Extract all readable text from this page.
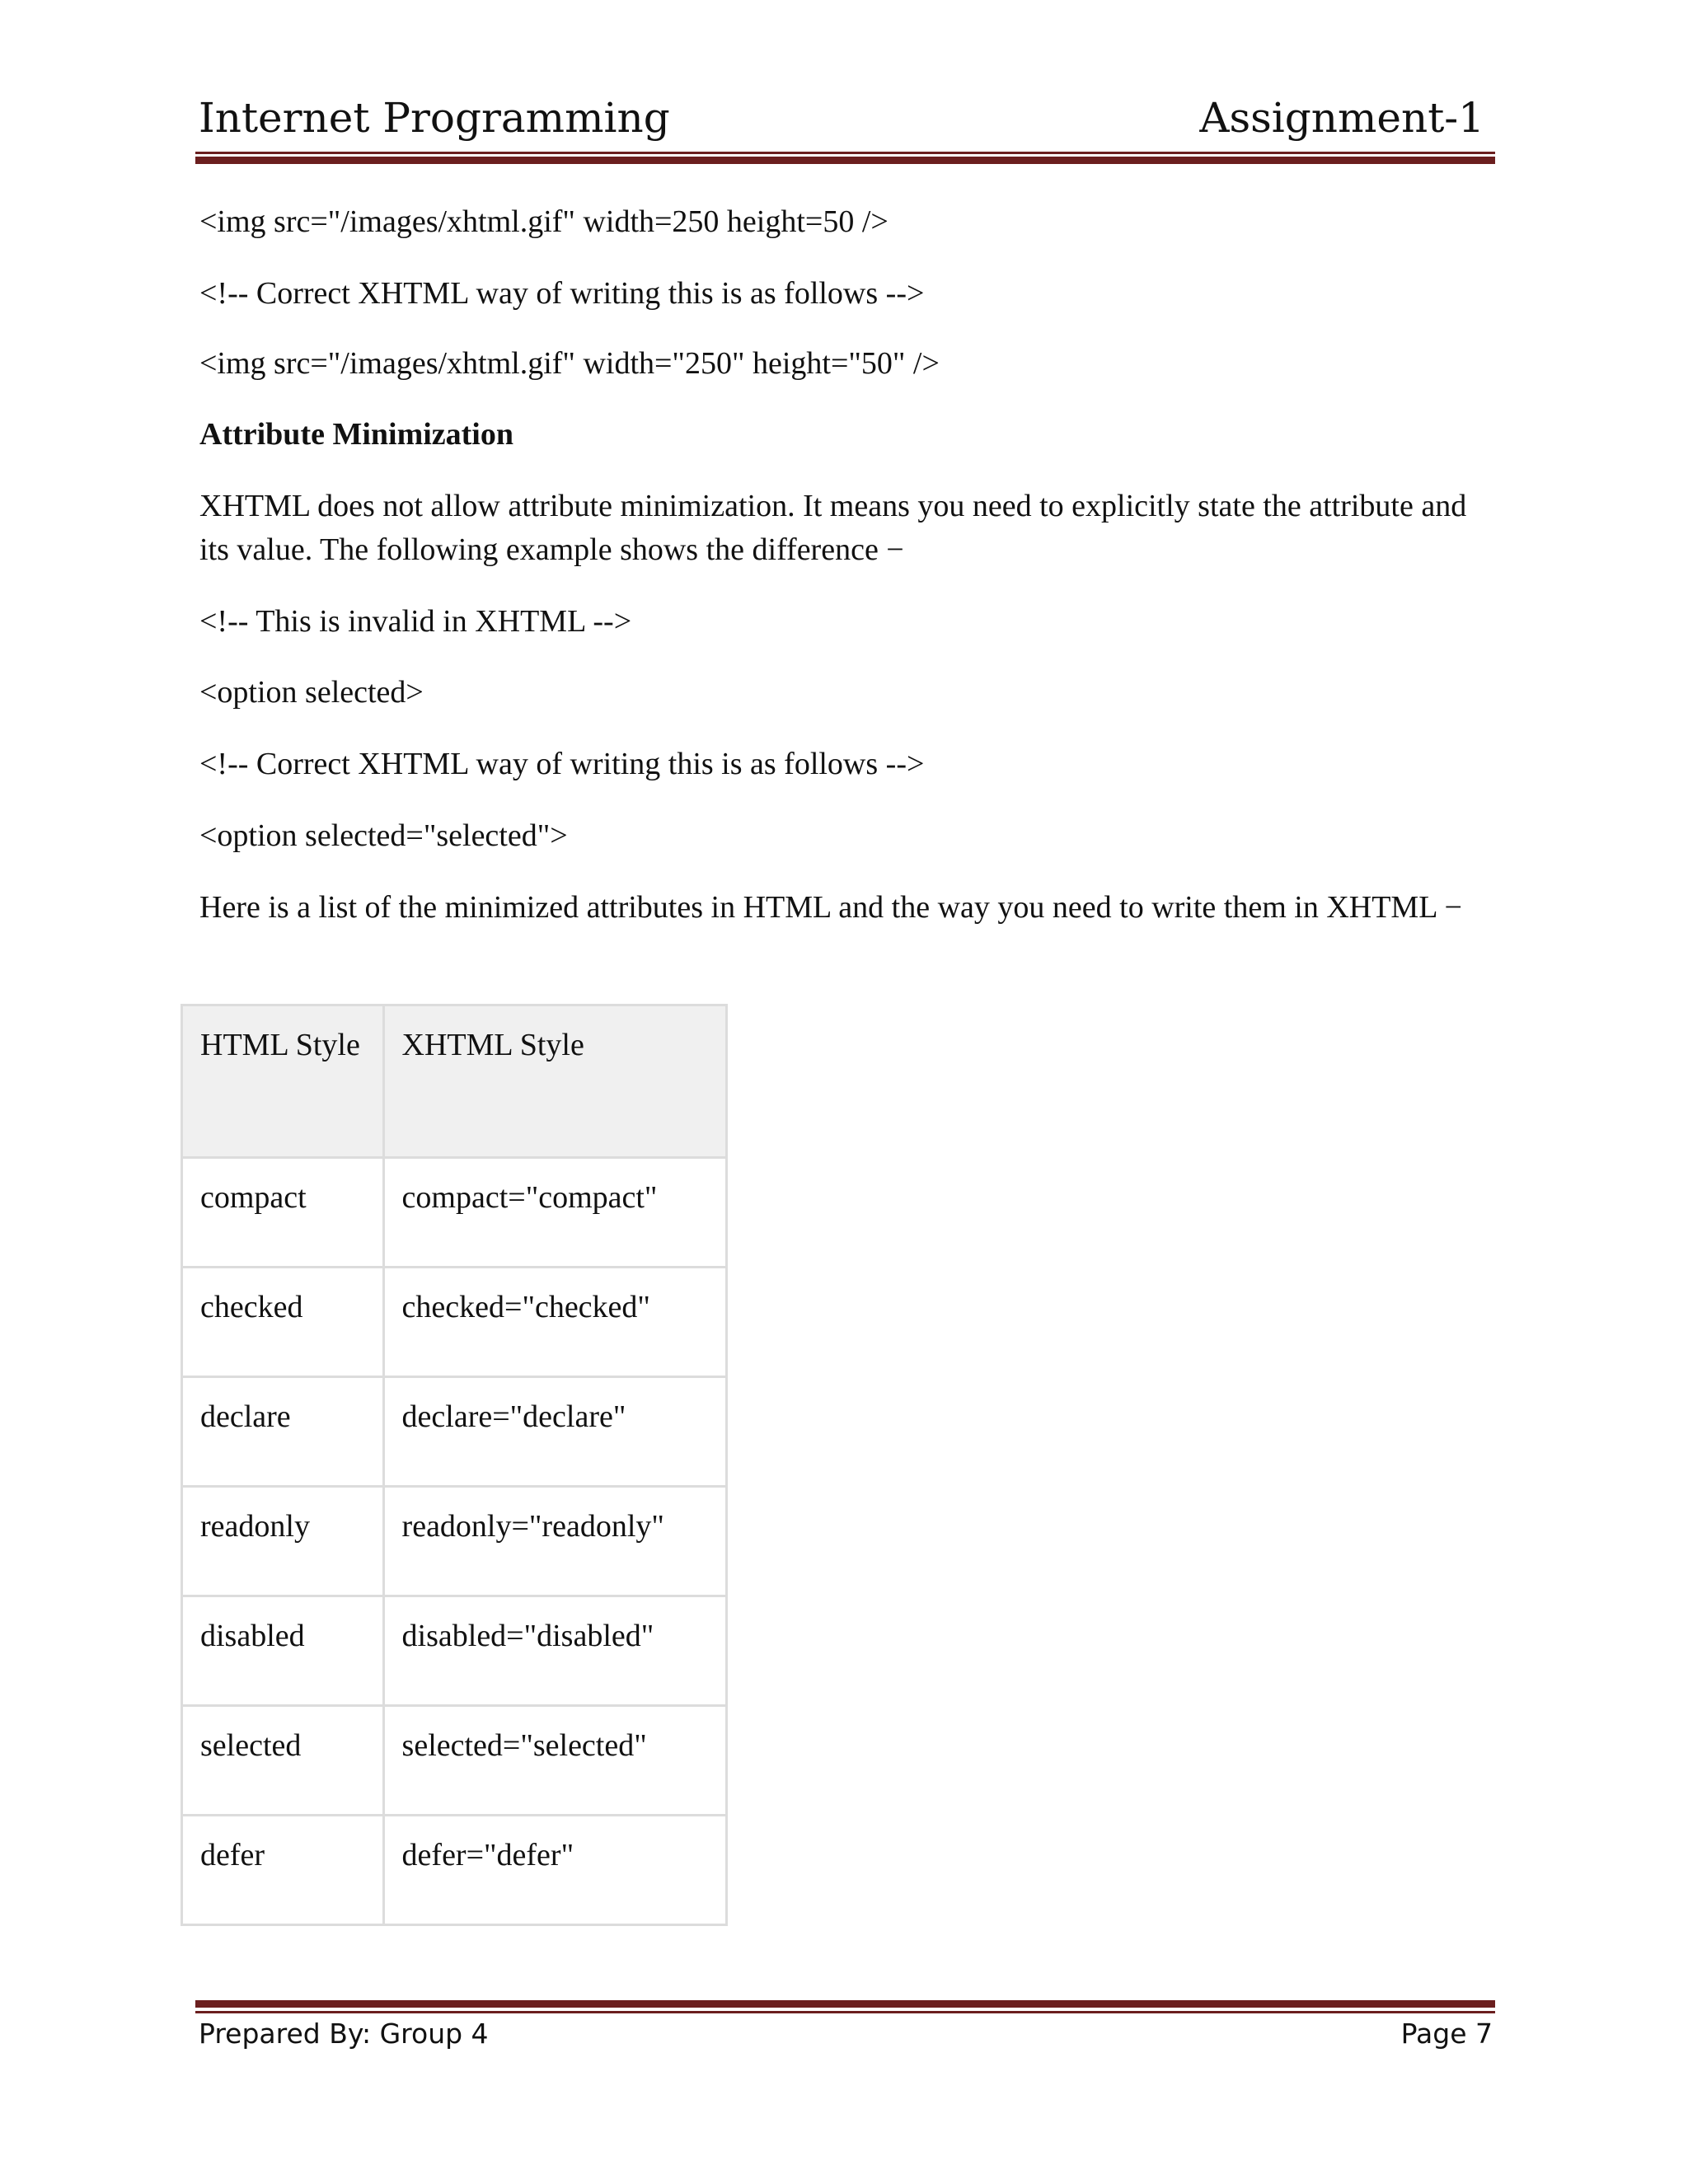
Internet Programming	Assignment-1
<img src="/images/xhtml.gif" width=250 height=50 />
<!-- Correct XHTML way of writing this is as follows -->
<img src="/images/xhtml.gif" width="250" height="50" />
Attribute Minimization
XHTML does not allow attribute minimization. It means you need to explicitly state the attribute and its value. The following example shows the difference −
<!-- This is invalid in XHTML -->
<option selected>
<!-- Correct XHTML way of writing this is as follows -->
<option selected="selected">
Here is a list of the minimized attributes in HTML and the way you need to write them in XHTML −
HTML Style	XHTML Style
compact	compact="compact"
checked	checked="checked"
declare	declare="declare"
readonly	readonly="readonly"
disabled	disabled="disabled"
selected	selected="selected"
defer	defer="defer"
Prepared By: Group 4	Page 7
